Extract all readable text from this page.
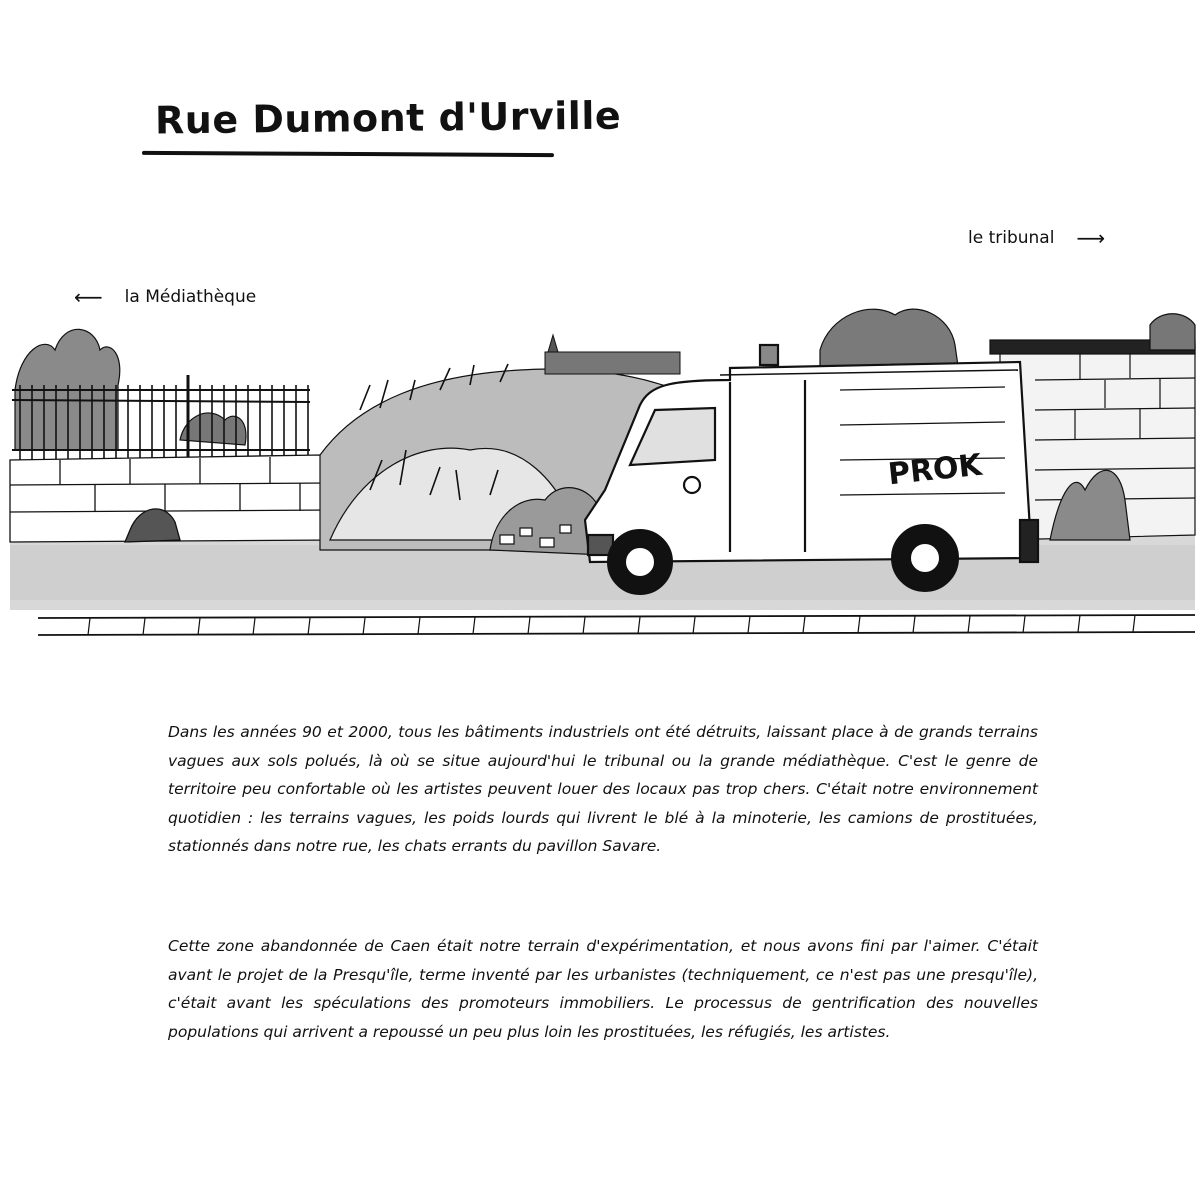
Rue Dumont d'Urville
⟵ la Médiathèque
le tribunal ⟶
PROK
Dans les années 90 et 2000, tous les bâtiments industriels ont été détruits, laissant place à de grands terrains vagues aux sols polués, là où se situe aujourd'hui le tribunal ou la grande médiathèque. C'est le genre de territoire peu confortable où les artistes peuvent louer des locaux pas trop chers. C'était notre environnement quotidien : les terrains vagues, les poids lourds qui livrent le blé à la minoterie, les camions de prostituées, stationnés dans notre rue, les chats errants du pavillon Savare.
Cette zone abandonnée de Caen était notre terrain d'expérimentation, et nous avons fini par l'aimer. C'était avant le projet de la Presqu'île, terme inventé par les urbanistes (techniquement, ce n'est pas une presqu'île), c'était avant les spéculations des promoteurs immobiliers. Le processus de gentrification des nouvelles populations qui arrivent a repoussé un peu plus loin les prostituées, les réfugiés, les artistes.
